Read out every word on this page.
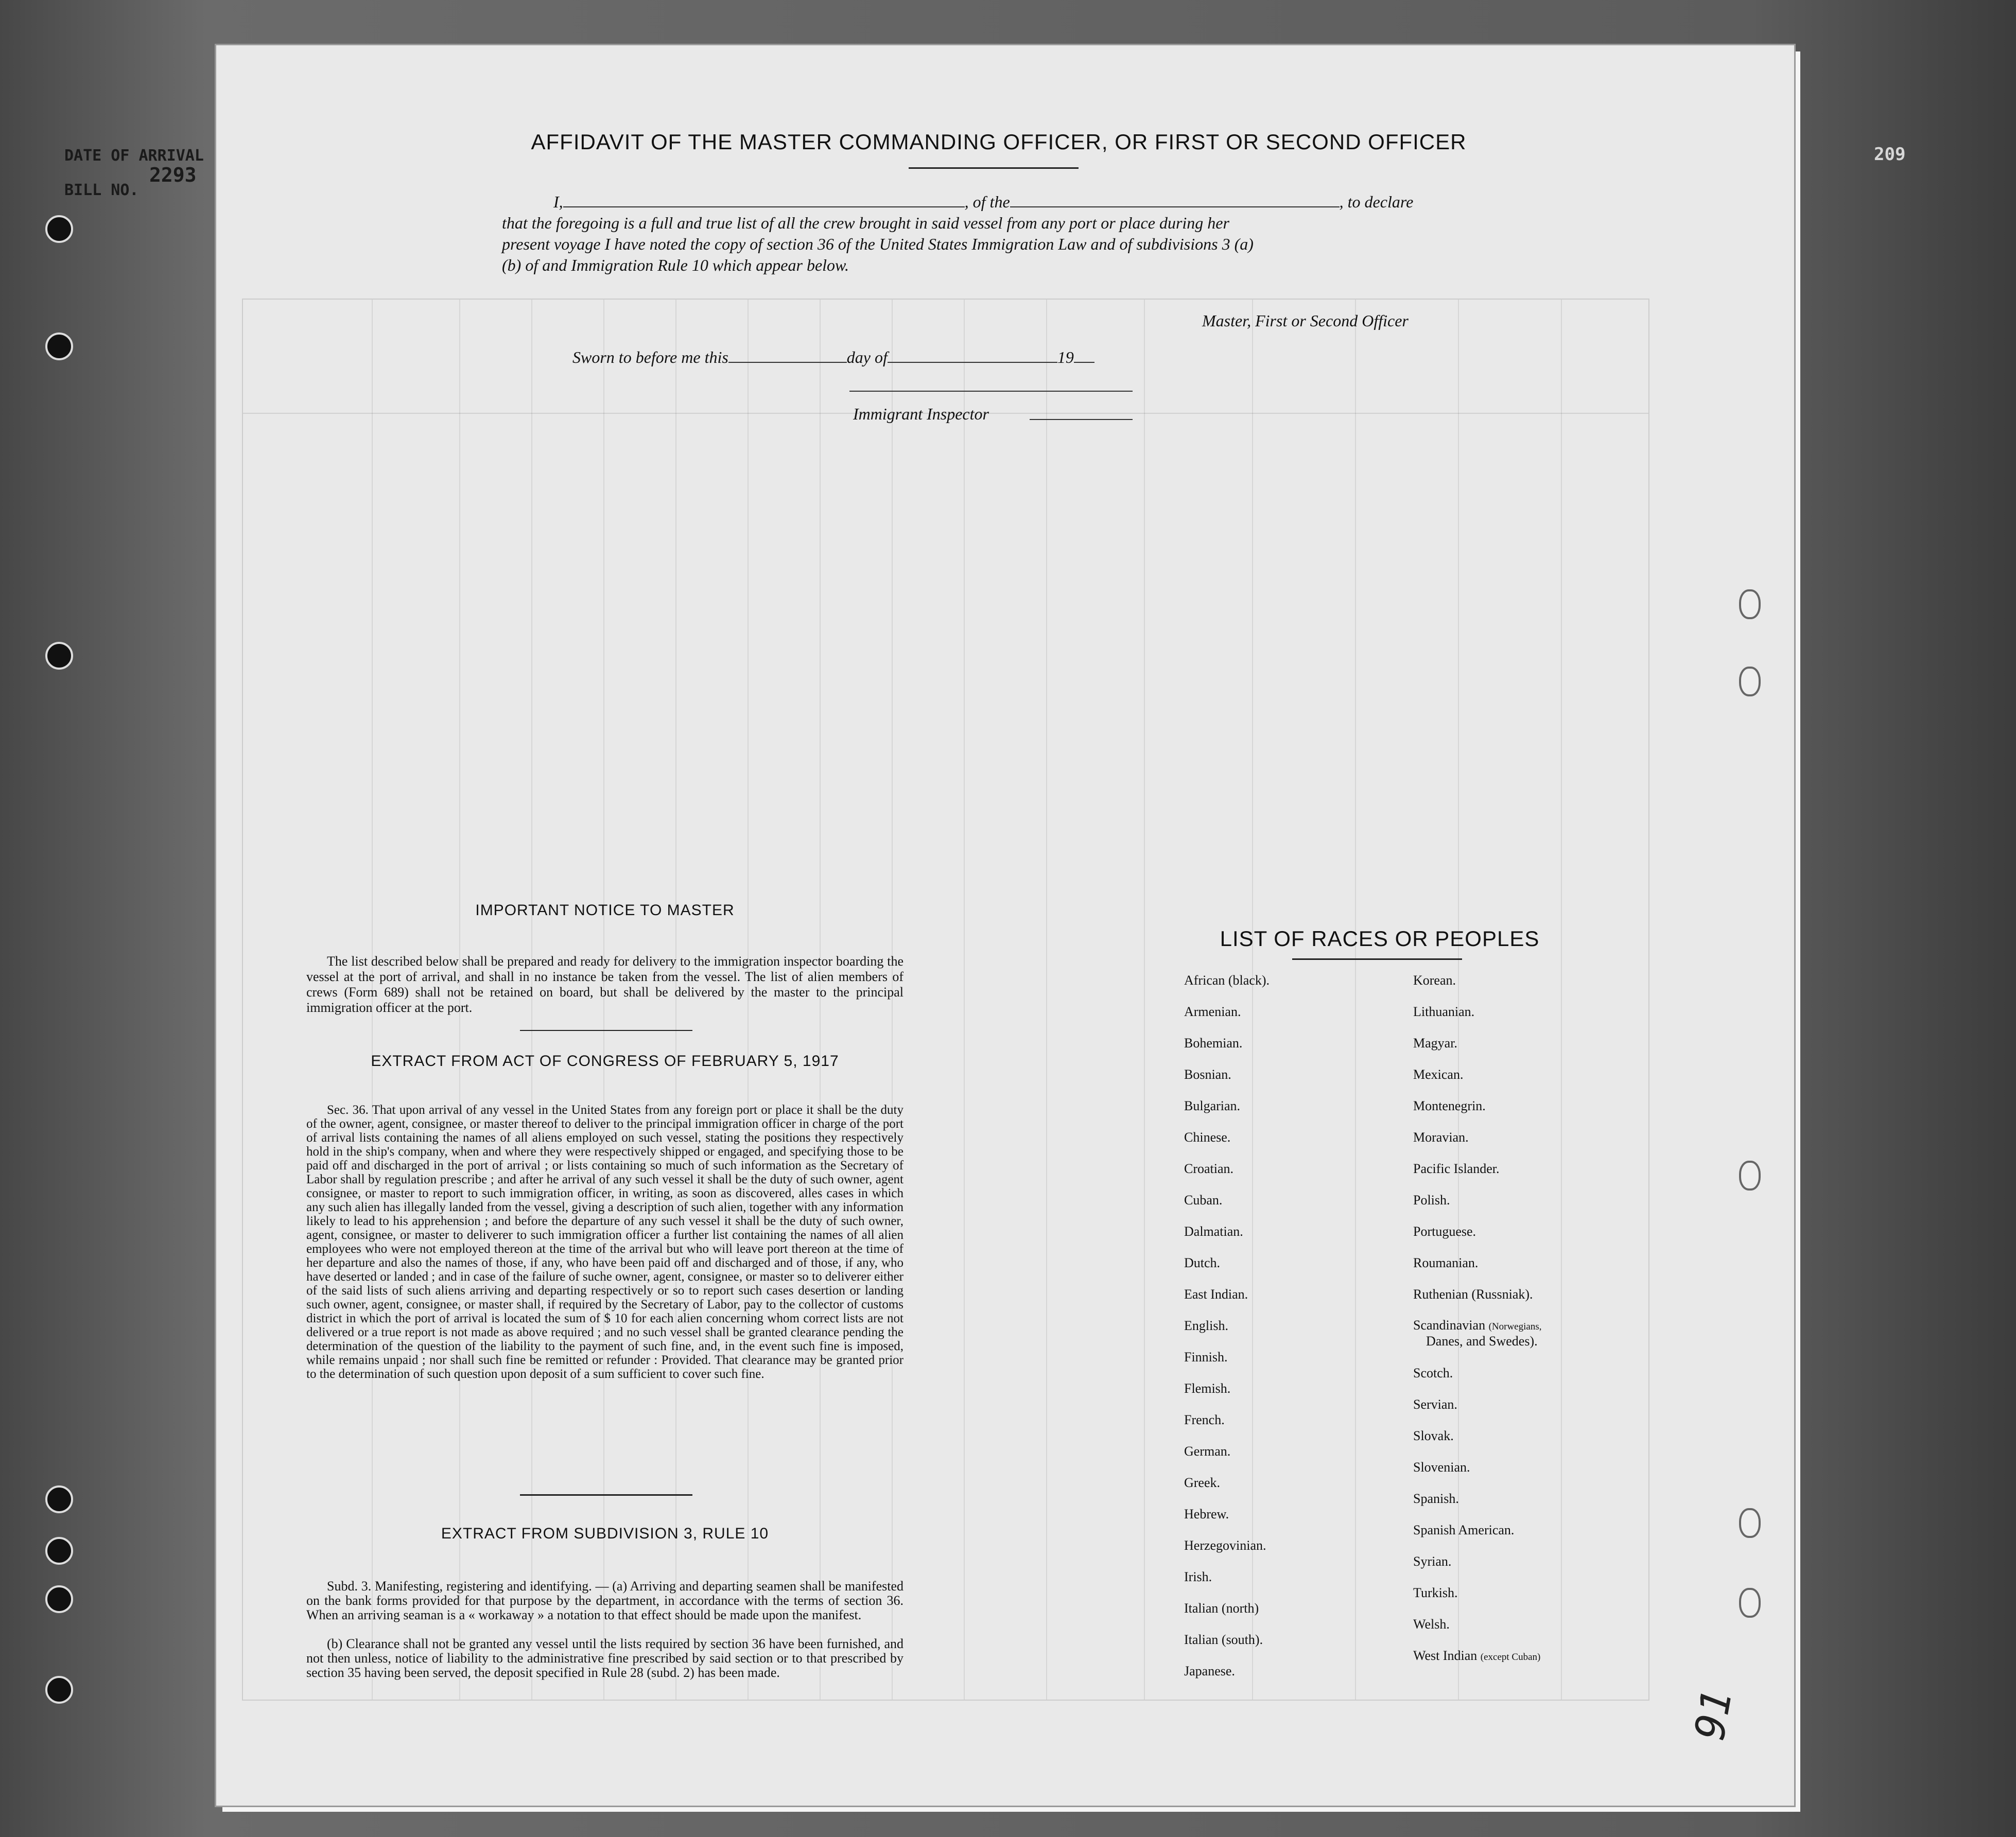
DATE OF ARRIVAL
2293
BILL NO.
AFFIDAVIT OF THE MASTER COMMANDING OFFICER, OR FIRST OR SECOND OFFICER
I,	, of the	, to declare
that the foregoing is a full and true list of all the crew brought in said vessel from any port or place during her
present voyage I have noted the copy of section 36 of the United States Immigration Law and of subdivisions 3 (a)
(b) of and Immigration Rule 10 which appear below.
Master, First or Second Officer
Sworn to before me this	day of	19
Immigrant Inspector
IMPORTANT NOTICE TO MASTER
The list described below shall be prepared and ready for delivery to the immigration inspector boarding the vessel at the port of arrival, and shall in no instance be taken from the vessel. The list of alien members of crews (Form 689) shall not be retained on board, but shall be delivered by the master to the principal immigration officer at the port.
EXTRACT FROM ACT OF CONGRESS OF FEBRUARY 5, 1917
Sec. 36. That upon arrival of any vessel in the United States from any foreign port or place it shall be the duty of the owner, agent, consignee, or master thereof to deliver to the principal immigration officer in charge of the port of arrival lists containing the names of all aliens employed on such vessel, stating the positions they respectively hold in the ship's company, when and where they were respectively shipped or engaged, and specifying those to be paid off and discharged in the port of arrival ; or lists containing so much of such information as the Secretary of Labor shall by regulation prescribe ; and after he arrival of any such vessel it shall be the duty of such owner, agent consignee, or master to report to such immigration officer, in writing, as soon as discovered, alles cases in which any such alien has illegally landed from the vessel, giving a description of such alien, together with any information likely to lead to his apprehension ; and before the departure of any such vessel it shall be the duty of such owner, agent, consignee, or master to deliverer to such immigration officer a further list containing the names of all alien employees who were not employed thereon at the time of the arrival but who will leave port thereon at the time of her departure and also the names of those, if any, who have been paid off and discharged and of those, if any, who have deserted or landed ; and in case of the failure of suche owner, agent, consignee, or master so to deliverer either of the said lists of such aliens arriving and departing respectively or so to report such cases desertion or landing such owner, agent, consignee, or master shall, if required by the Secretary of Labor, pay to the collector of customs district in which the port of arrival is located the sum of $ 10 for each alien concerning whom correct lists are not delivered or a true report is not made as above required ; and no such vessel shall be granted clearance pending the determination of the question of the liability to the payment of such fine, and, in the event such fine is imposed, while remains unpaid ; nor shall such fine be remitted or refunder : Provided. That clearance may be granted prior to the determination of such question upon deposit of a sum sufficient to cover such fine.
EXTRACT FROM SUBDIVISION 3, RULE 10
Subd. 3. Manifesting, registering and identifying. — (a) Arriving and departing seamen shall be manifested on the bank forms provided for that purpose by the department, in accordance with the terms of section 36. When an arriving seaman is a « workaway » a notation to that effect should be made upon the manifest.
(b) Clearance shall not be granted any vessel until the lists required by section 36 have been furnished, and not then unless, notice of liability to the administrative fine prescribed by said section or to that prescribed by section 35 having been served, the deposit specified in Rule 28 (subd. 2) has been made.
LIST OF RACES OR PEOPLES
African (black).
Armenian.
Bohemian.
Bosnian.
Bulgarian.
Chinese.
Croatian.
Cuban.
Dalmatian.
Dutch.
East Indian.
English.
Finnish.
Flemish.
French.
German.
Greek.
Hebrew.
Herzegovinian.
Irish.
Italian (north)
Italian (south).
Japanese.
Korean.
Lithuanian.
Magyar.
Mexican.
Montenegrin.
Moravian.
Pacific Islander.
Polish.
Portuguese.
Roumanian.
Ruthenian (Russniak).
Scandinavian (Norwegians,
Danes, and Swedes).
Scotch.
Servian.
Slovak.
Slovenian.
Spanish.
Spanish American.
Syrian.
Turkish.
Welsh.
West Indian (except Cuban)
209
91
